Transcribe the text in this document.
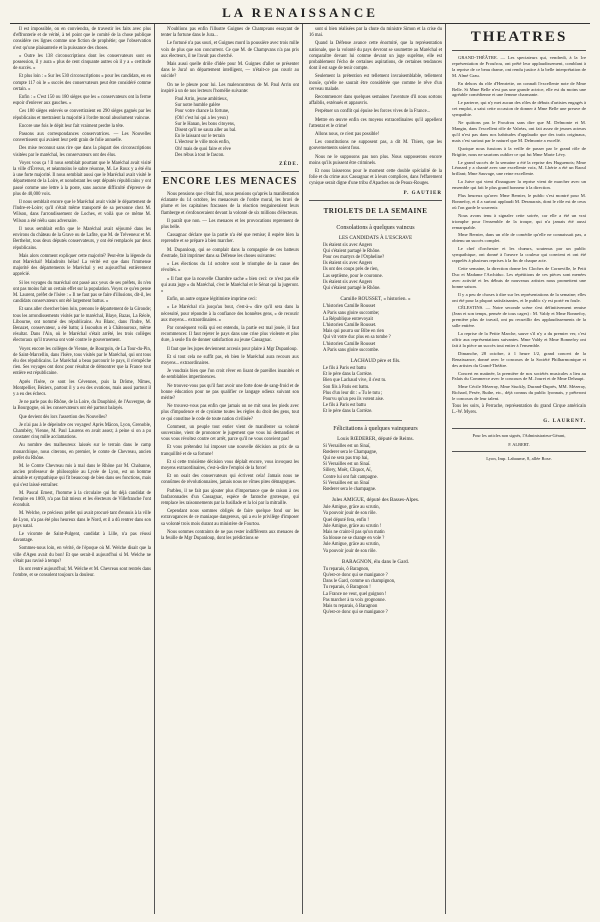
LA RENAISSANCE

Il est impossible, on en conviendra, de travestir les faits avec plus d'effronterie et de vérité, à tel point que le comité de la chose publique considère ces lignes comme une fiction de prophétie; que l'observation n'est qu'une plaisanterie et la puissance des choses.

« Outre les 138 circonscriptions dont les conservateurs sont en possession, il y aura « plus de cent cinquante autres où il y a « certitude de succès. »

Et plus loin : « Sur les 530 circonscriptions « pour les candidats, en en compte 117 où le « succès des conservateurs peut être considéré comme certain. »

Enfin : « C'est 150 ou 180 sièges que les « conservateurs ont la ferme espoir d'enlever aux gauches. »

Ces 180 sièges enlevés se convertiraient en 290 sièges gagnés par les républicains et mettraient la majorité à l'ordre moral absolument vaincue.

Encore une fois le dépit leur fait vraiment perdre la tête.

Passons aux correspondances conservatrices. — Les Nouvelles convertissent qui avaient leur petit grain de folie annuelle.

Des mise reconnut sans rire que dans la plupart des circonscriptions visitées par le maréchal, les conservateurs ont des élus.

Voyez vous ça ! Il nous semblait pourtant que le Maréchal avait visité la ville d'Évreux, et néanmoins le sabre résonne, M. Le Roux y a été élu à une forte majorité. Il nous semblait aussi que le Maréchal avait visité le département de la Loire, et nonobstant les sept députés républicains y ont passé comme une lettre à la poste, sans aucune difficulté d'épreuve de plus de 40,000 voix.

Il nous semblait encore que le Maréchal avait visité le département de l'Indre-et-Loire; qu'il s'était même transporté de sa personne chez M. Wilson, dans l'arrondissement de Loches, et voilà que ce même M. Wilson a été réélu sans adversaire.

Il nous semblait enfin que le Maréchal avait séjourné dans les environs du château de la Grave ou de Lafite, que M. de Tréveneuc et M. Berthelot, tous deux députés conservateurs, y ont été remplacés par deux républicains.

Mais alors comment expliquer cette majorité? Peut-être la légende du mot Maréchal! Maladroits hélas! La vérité est que dans l'immense majorité des départements le Maréchal y est aujourd'hui entièrement apprécié.

Si les voyages du maréchal ont passé aux yeux de ses préfets, ils n'en ont pas moins fait un certain effet sur la population. Voyez ce qu'en pense M. Laurent, préfet de l'Isère : « Il ne faut pas se faire d'illusions, dit-il, les candidats conservateurs ont été largement battus. »

Et sans aller chercher bien loin, prenons le département de la Gironde; tous les arrondissements visités par le maréchal, Blaye, Bazas, La Réole, Libourne, ont nommé des républicains. Au Blanc, dans l'Indre, M. Benazet, conservateur, a été battu; à Issoudun et à Châteauroux, même résultat. Dans l'Ain, où le Maréchal s'était arrêté, les trois collèges électoraux qu'il traversa ont voté contre le gouvernement.

Voyez encore les collèges de Vienne, de Bourgoin, de La Tour-du-Pin, de Saint-Marcellin, dans l'Isère, tous visités par le Maréchal, qui ont tous élu des républicains. Le Maréchal a beau parcourir le pays, il n'empêche rien. Ses voyages ont donc pour résultat de démontrer que la France tout entière est républicaine.

Après l'Isère, ce sont les Cévennes, puis la Drôme, Nîmes, Montpellier, Béziers, partout il y a eu des ovations, mais aussi partout il y a eu des échecs.

Je ne parle pas du Rhône, de la Loire, du Dauphiné, de l'Auvergne, de la Bourgogne, où les conservateurs ont été partout balayés.

Que devient dès lors l'assertion des Nouvelles?

Je n'ai pas à le dépeindre ces voyages! Après Mâcon, Lyon, Grenoble, Chambéry, Vienne, M. Paul Laurens en avait assez; à peine si on a pu constater cinq mille acclamations.

Au nombre des malheureux laissés sur le terrain dans le camp monarchique, nous citerons, en premier, le comte de Chevreau, ancien préfet du Rhône.

M. le Comte Chevreau mis à mal dans le Rhône par M. Chabanne, ancien professeur de philosophie au Lycée de Lyon, est un homme aimable et sympathique qui fit beaucoup de bien dans ses fonctions, mais qui s'est laissé entraîner.

M. Pascal Ernest, l'homme à la circulaire qui fut déjà candidat de l'empire en 1869, n'a pas fait mieux et les électeurs de Villefranche l'ont éconduit.

M. Welche, ce précieux préfet qui avait procuré tant d'ennuis à la ville de Lyon, n'a pas été plus heureux dans le Nord, et il a dû rentrer dans son pays natal.

Le vicomte de Saint-Pulgent, candidat à Lille, n'a pas réussi davantage.

Sommes-nous loin, en vérité, de l'époque où M. Welche disait que la ville d'Agen avait du bon! Et que serait-il aujourd'hui si M. Welche ne s'était pas ravisé à temps?

Ils ont rentré aujourd'hui; M. Welche et M. Chevreau sont rentrés dans l'ombre, et se consolent toujours la douleur.

N'oublions pas enfin l'illustre Guignes de Champvans essayant de tenter la fortune dans le Jura...

Le fortuné n'a pas souri, et Guignes mord la poussière avec trois mille voix de plus que son concurrent. Ce que M. de Champvans n'a pas pris aux électeurs, il ne l'avait pas cherché.

Mais aussi quelle drôle d'idée pour M. Guignes d'aller se présenter dans le Jura! un département intelligent, — n'était-ce pas courir au suicide?

On ne le pleure pour lui. Les malencontreux de M. Paul Arrin ont inspiré à un de nos lecteurs l'homélie suivante:

Paul Arrin, jeune ambitieux,
Sur notre humble galère
Pour votre chance la fortune,
(Oh! c'est lui qui a les yeux)
Sur le Hanan, les bons citoyens,
Disent qu'il ne saura aller au bal.
En le laissant sur le terrain
L'électeur le ville mois enfin,
Oh! mais de quoi faire et rêve
Des rébus à tout le fascon.
ZÉDE.
ENCORE LES MENACES

Nous pensions que c'était fini, nous pensions qu'après la manifestation éclatante du 14 octobre, les menaceurs de l'ordre moral, les bravi de plume et les capitaines fracasses de la réaction rengaineraient leurs flamberge et s'enfonceraient devant la volonté de six millions d'électeurs.

Il paraît que non. — Les menaces et les provocations reprennent de plus belle.

Cassagnac déclare que la partie n'a été que remise; il espère bien la reprendre et se prépare à bien marcher.

M. Dupanloup, qui se complait dans la compagnie de ces batteurs d'estrade, fait imprimer dans sa Défense les choses suivantes:

« Les élections du 14 octobre sont le triomphe de la cause des révoltés. »

« Il faut que la nouvelle Chambre sache « bien ceci: ce n'est pas elle qui aura juge « du Maréchal, c'est le Maréchal et le Sénat qui la jugeront. »

Enfin, un autre organe légitimiste imprime ceci:

« Le Maréchal n'a jusqu'au bout, c'est-à-« dire qu'il sera dans la nécessité, pour répondre à la confiance des honnêtes gens, « de recourir aux moyens... extraordinaires. »

Par conséquent voilà qui est entendu, la partie est mal jouée, il faut recommencer. Il faut rejeter le pays dans une crise plus violente et plus dure, à seule fin de donner satisfaction au jeune Cassagnac.

Il faut que les jupes deviennent acceuis pour plaire à Mgr Dupanloup.

Et si tout cela ne suffit pas, eh bien le Maréchal aura recours aux moyens... extraordinaires.

Je voudrais bien que l'on croit rêver en lisant de pareilles insanités et de semblables impertinences.

Ne trouvez-vous pas qu'il faut avoir une forte dose de sang-froid et de bonne éducation pour ne pas qualifier ce langage odieux suivant son mérite?

Ne trouvez-vous pas enfin que jamais on ne mit sous les pieds avec plus d'impudence et de cynisme toutes les règles du droit des gens, tout ce qui constitue le code de toute nation civilisée?

Comment, un peuple tout entier vient de manifester sa volonté souveraine, vient de prononcer le jugement que vous lui demandiez et vous vous révoltez contre cet arrêt, parce qu'il ne vous convient pas!

Et vous prétendez lui imposer une nouvelle décision au prix de sa tranquillité et de sa fortune!

Et si cette troisième décision vous déplaît encore, vous invoquez les moyens extraordinaires, c'est-à-dire l'emploi de la force!

Et on osait des conservateurs qui écrivent cela! Jamais nous ne connûmes de révolutionnaires, jamais nous ne vîmes pires démagogues.

Parbleu, il ne fait pas ajouter plus d'importance que de raison à ces fanfaronnades d'un Cassagnac, espèce de fantoche grotesque, qui remplace les raisonnements par la fusillade et la loi par la mitraille.

Cependant nous sommes obligés de faire quelque fond sur les extravagances de ce maniaque dangereux, qui a eu le privilège d'imposer sa volonté trois mois durant au ministère de Fourtou.

Nous sommes contraints de ne pas rester indifférents aux menaces de la feuille de Mgr Dupanloup, dont les prédictions se

sont si bien réalisées par la chute du ministre Simon et la crise du 16 mai.

Quand la Défense avance cette énormité, que la représentation nationale, que la volonté du pays devront se soumettre au Maréchal et comparaître devant lui comme devant un juge suprême, elle est probablement l'écho de certaines aspirations, de certaines tendances dont il est sage de tenir compte.

Seulement la prétention est tellement invraisemblable, tellement inouïe, qu'elle ne saurait être considérée que comme le rêve d'un cerveau malade.

Recommencer dans quelques semaines l'aventure d'il nous sortons affaiblis, exténués et appauvris.

Perpétuer un conflit qui épuise les forces vives de la France...

Mettre en œuvre enfin ces moyens extraordinaires qu'il appellent l'attentat et le crime!

Allons nous, ce n'est pas possible!

Les constitutions ne supposent pas, a dit M. Thiers, que les gouvernements soient fous.

Nous ne le supposons pas non plus. Nous supposerons encore moins qu'ils puissent être criminels.

Et nous laisserons pour le moment cette double spécialité de la folie et du crime aux Cassagnac et à leurs complices, dans l'effarement cynique serait digne d'une tribu d'Apaches ou de Peaux-Rouges.

P. GAUTIER
TRIOLETS DE LA SEMAINE
Consolations à quelques vaincus
LES CANDIDATS À L'ESCRAVE
Ils étaient six avec Angers
Qui s'étaient partagé le Rhône.
Pour ces martyrs de l'Orpheline?
Ils étaient six avec Angers
Ils ont des coups près de rien,
Las septième, pour le couronne.
Ils étaient six avec Angers
Qui s'étaient partagé le Rhône.
Camille ROUSSET, « historien. »
L'historien Camille Rousset
A Paris sans gloire succombe;
La République entrevoyait
L'historien Camille Rousset.
Mais qui pourra sur Bibe en rien
Qui vit votre duc plus en sa tombe ?
L'historien Camille Rousset
A Paris sans gloire succombe.
LACHAUD père et fils.
Le fils à Paris est battu
Et le père dans la Corrèze.
Bien que Lachaud vive, il s'est tu.
Son fils à Paris est battu.
Plus d'un leur dit : « Tu le tutu ;
Pourvu qu'un peu ils votent aise.
Le fils à Paris est battu
Et le père dans la Corrèze.
Félicitations à quelques vainqueurs
Louis RŒDERER, député de Reims.
Si Versailles est un Sinaï,
Rœderer sera le Champagne,
Qui ne sera pas trop hai,
Si Versailles est un Sinaï.
Sillery, Moët, Cliquot, Aï,
Contre lui ont fait campagne.
Si Versailles est un Sinaï
Rœderer sera le champagne.
Jules AMIGUE, député des Basses-Alpes.
Jule Amigue, grâce au scrutin,
Va pouvoir jouir de son rôle.
Quel député fera, enfin !
Jule Amigue, grâce au scrutin !
Mais ne craint-il pas qu'un matin
Sa blouse ne se change en vole ?
Jule Amigue, grâce au scrutin,
Va pouvoir jouir de son rôle.
BARAGNON, élu dans le Gard.
Tu reparais, ô Baragnon,
Qu'est-ce donc qui se manigance ?
Dans le Gard, comme un champignon,
Tu reparais, ô Baragnon !
La France ne veut, quel guignon !
Pas marcher à ta voix grognonne.
Mais tu reparais, ô Baragnon
Qu'est-ce donc qui se manigance ?
THEATRES

GRAND-THÉÂTRE. — Les spectateurs qui, vendredi, à la 1re représentation de Froufrou, ont prêté leur applaudissement, comblant à la reprise de ce beau drame, ont rendu justice à la belle interprétation de M. Almé Grau.

En dehors du rôle d'Henriette, on connaît l'excellente note de Mme Belle. Si Mme Belle n'est pas une grande actrice, elle est du moins une agréable comédienne et une femme charmante.

Le parterre, qui n'y met aucun des rôles de débuts d'artistes engagés à cet emploi, a saisi cette occasion de donner à Mme Belle une preuve de sympathie.

Ne quittons pas le Froufrou sans dire que M. Delmonte et M. Mangin, dans l'excellent rôle de Valréas, ont fait assez de jeunes acteurs qu'il n'est pas dans nos habitudes d'applaudir que des traits originaux, mais c'est surtout par le naturel que M. Delmonte a excellé.

Quoique nous fussions à la veille de passer par le grand rôle de Brigitte, nous ne saurions oublier ce qui fut Mme Marie Lévy.

Le grand succès de la semaine a été la reprise des Huguenots; Mme Léonard y a chanté avec une excellente voix, M. Lhérie a été un Raoul brillant; Mme Sauvage, une reine excellente.

La Juive qui vient d'inaugurer la reprise vient de marcher avec un ensemble qui fait le plus grand honneur à la direction.

Plus heureux qu'avec Mme Bernier, le public s'est montré pour M. Bonnefoy, et il a surtout applaudi M. Desmarais, dont le rôle est de ceux où l'on garde le souvenir.

Nous avons tenu à signaler cette soirée, car elle a été un vrai triomphe pour l'ensemble de la troupe, qui n'a jamais été aussi remarquable.

Mme Bernier, dans un rôle de comédie qu'elle ne connaissait pas, a obtenu un succès complet.

Le chef d'orchestre et les chœurs, soutenus par un public sympathique, ont donné à l'œuvre la couleur qui convient et ont été rappelés à plusieurs reprises à la fin de chaque acte.

Cette semaine, la direction donne les Cloches de Corneville, le Petit Duc et Madame l'Archiduc. Les répétitions de ces pièces sont menées avec activité et les débuts de nouveaux artistes nous promettent une bonne saison.

Il y a peu de choses à dire sur les représentations de la semaine; elles ont été pour la plupart satisfaisantes, et le public s'y est porté en foule.

CÉLESTINS. — Notre seconde scène s'est définitivement remise (Jean et son temps, pensée de tous cages) : M. Valdy et Mme Bonnefoy, première plus de travail, ont pu recueillir des applaudissements de la salle entière.

La reprise de la Petite Marche, sauve s'il n'y a du premier ver, c'est offrir aux représentations suivantes. Mme Valdy et Mme Bonnefoy ont fait à la pièce un succès tout entier à l'ensemble.

Dimanche, 28 octobre, à 1 heure 1/2, grand concert de la Renaissance, donné avec le concours de la Société Philharmonique et des artistes du Grand-Théâtre.

Concert en matinée, la première de nos sociétés musicales a lieu au Palais du Commerce avec le concours de M. Jouret et de Mme Dehaupt.

Mme Cécile Mézeray, Mme Stuckly, Durand-Duprès, MM. Mézeray, Richard, Pesée, Ruthe, etc., déjà connus du public lyonnais, y prêteront le concours de leur talent.

Tous les soirs, à Perrache, représentation du grand Cirque américain L.-W. Myers.

G. LAURENT.
Pour les articles non signés, l'Administrateur-Gérant,
F. ALBERT.
Lyon, Imp. Labaume, 8, allée Rose.
